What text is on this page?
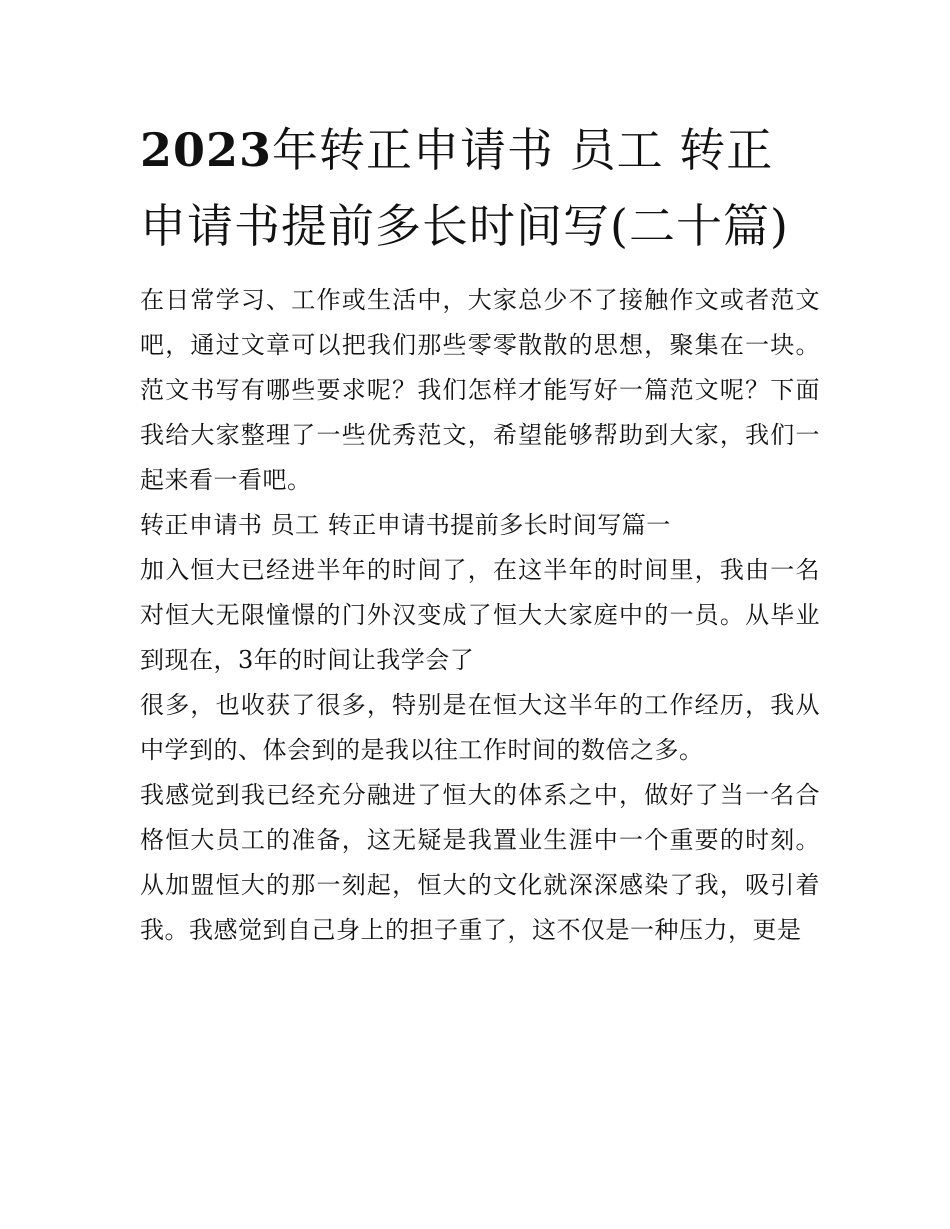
2023年转正申请书 员工 转正申请书提前多长时间写(二十篇)

在日常学习、工作或生活中，大家总少不了接触作文或者范文吧，通过文章可以把我们那些零零散散的思想，聚集在一块。范文书写有哪些要求呢？我们怎样才能写好一篇范文呢？下面我给大家整理了一些优秀范文，希望能够帮助到大家，我们一起来看一看吧。

转正申请书 员工 转正申请书提前多长时间写篇一

加入恒大已经进半年的时间了，在这半年的时间里，我由一名对恒大无限憧憬的门外汉变成了恒大大家庭中的一员。从毕业到现在，3年的时间让我学会了

很多，也收获了很多，特别是在恒大这半年的工作经历，我从中学到的、体会到的是我以往工作时间的数倍之多。

我感觉到我已经充分融进了恒大的体系之中，做好了当一名合格恒大员工的准备，这无疑是我置业生涯中一个重要的时刻。从加盟恒大的那一刻起，恒大的文化就深深感染了我，吸引着我。我感觉到自己身上的担子重了，这不仅是一种压力，更是
